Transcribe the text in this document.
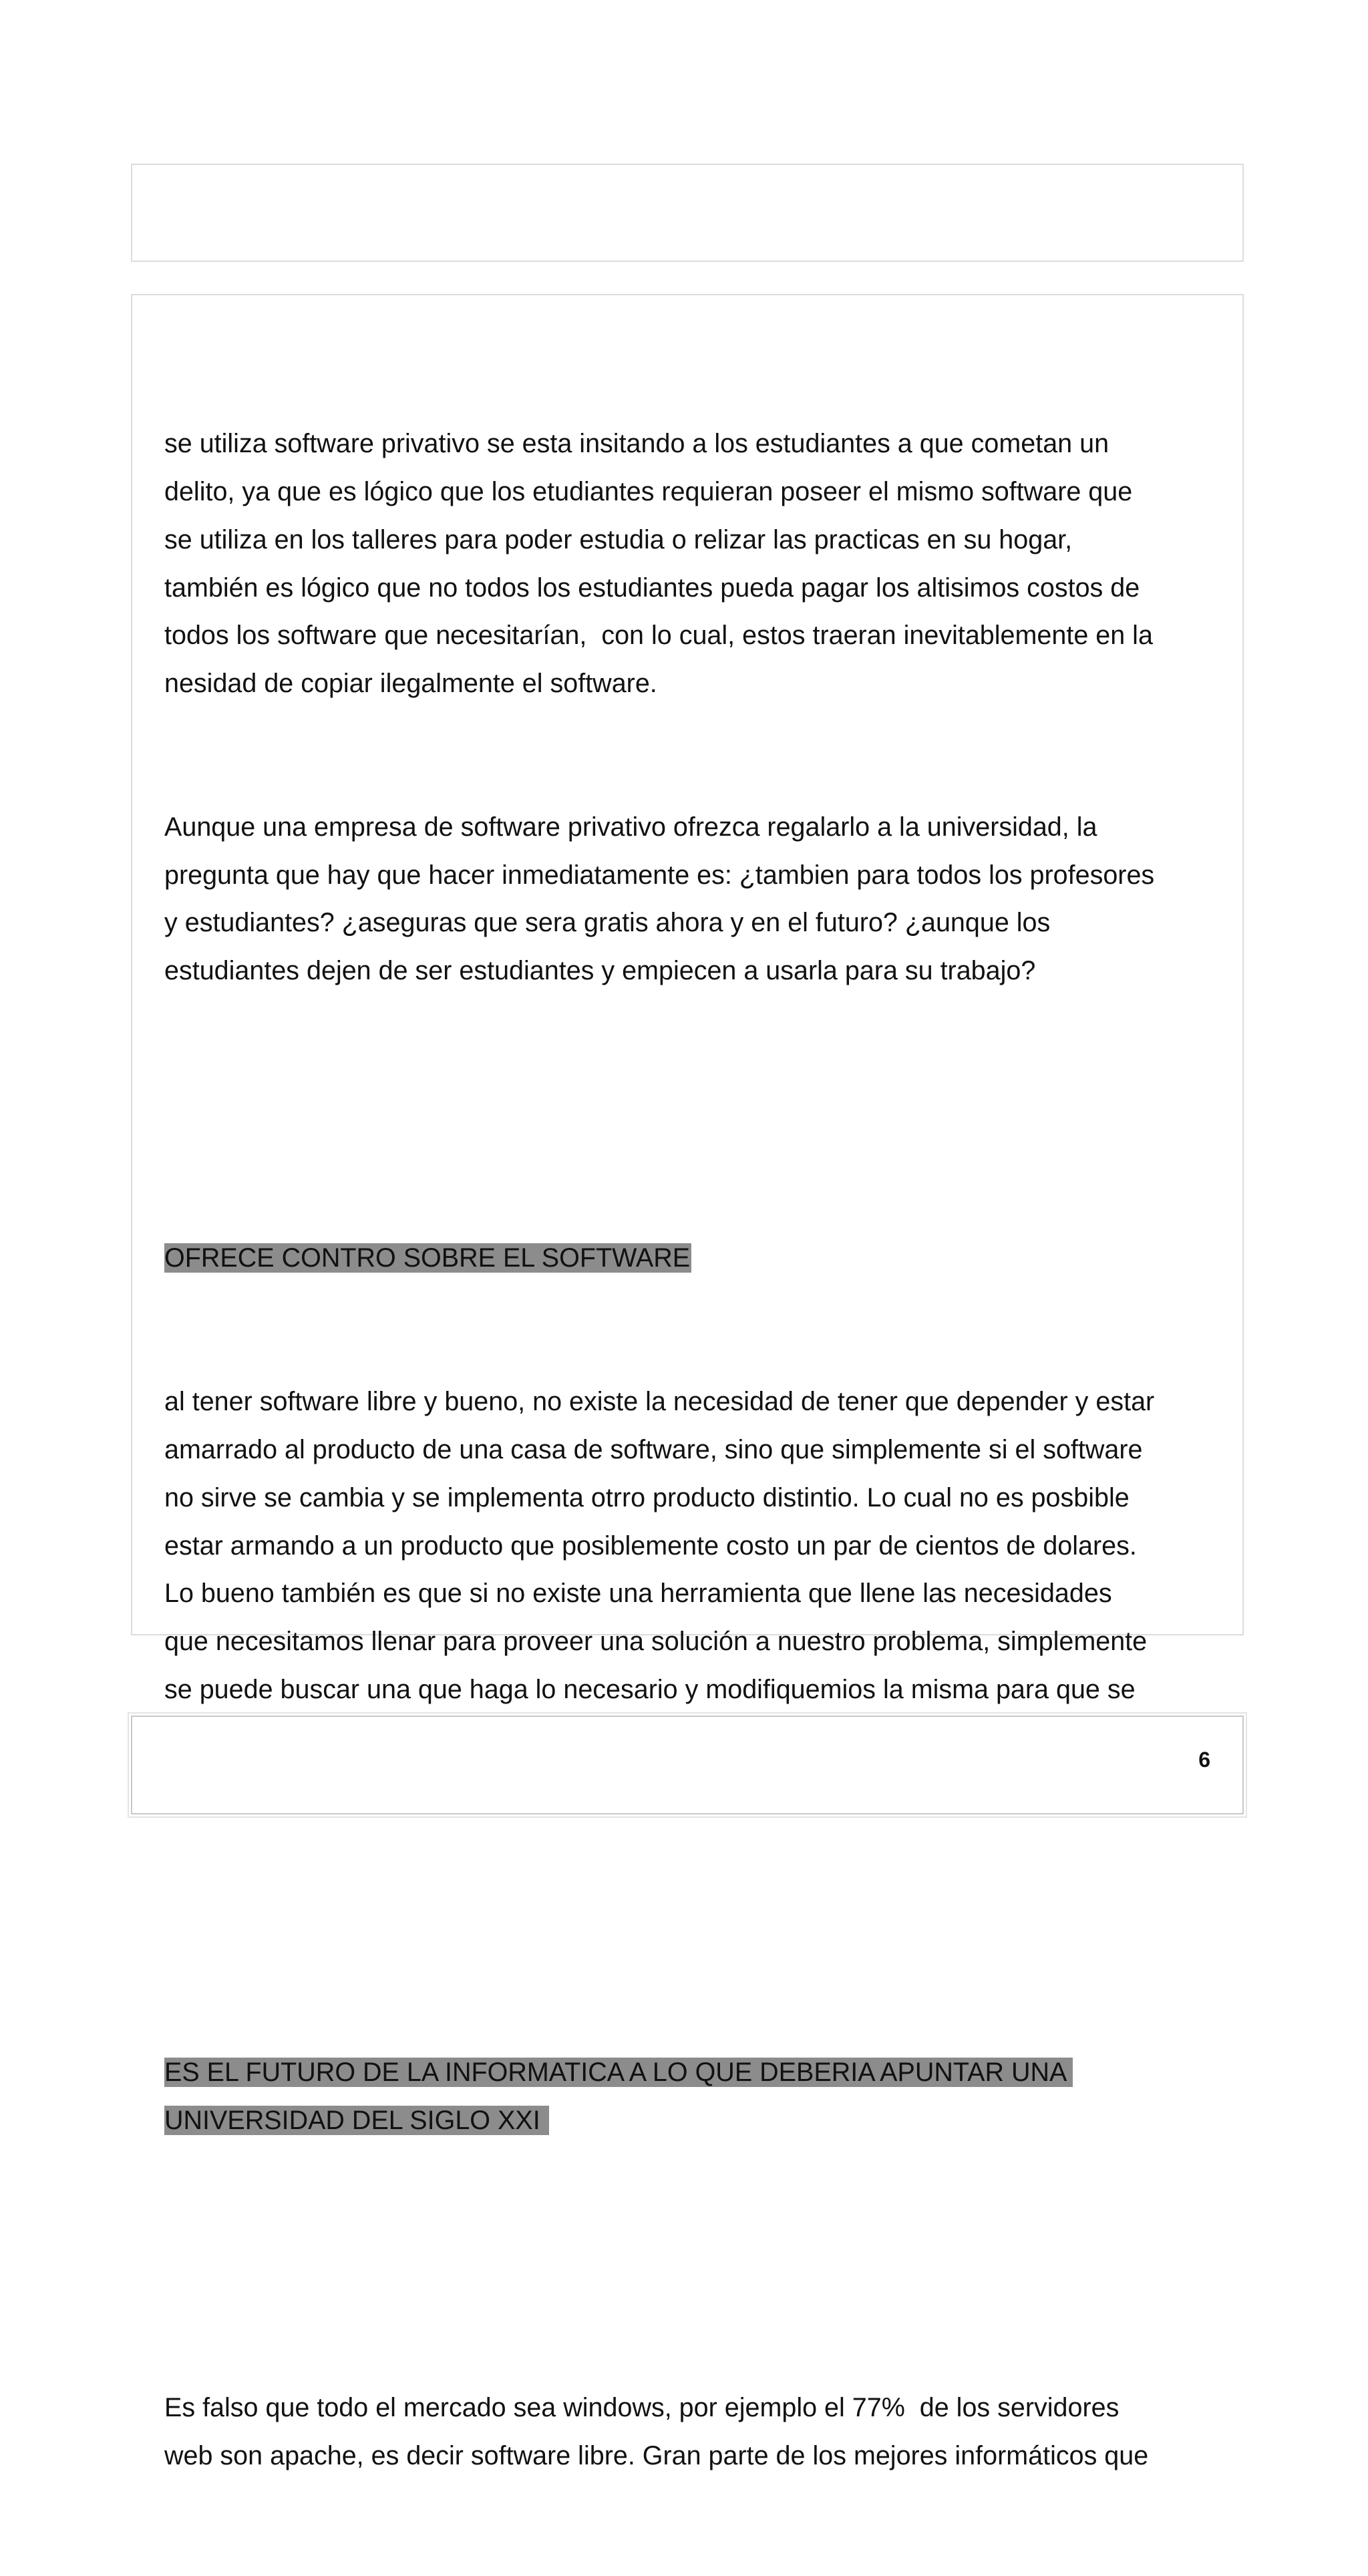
se utiliza software privativo se esta insitando a los estudiantes a que cometan un
delito, ya que es lógico que los etudiantes requieran poseer el mismo software que
se utiliza en los talleres para poder estudia o relizar las practicas en su hogar,
también es lógico que no todos los estudiantes pueda pagar los altisimos costos de
todos los software que necesitarían,  con lo cual, estos traeran inevitablemente en la
nesidad de copiar ilegalmente el software.

Aunque una empresa de software privativo ofrezca regalarlo a la universidad, la
pregunta que hay que hacer inmediatamente es: ¿tambien para todos los profesores
y estudiantes? ¿aseguras que sera gratis ahora y en el futuro? ¿aunque los
estudiantes dejen de ser estudiantes y empiecen a usarla para su trabajo?

OFRECE CONTRO SOBRE EL SOFTWARE

al tener software libre y bueno, no existe la necesidad de tener que depender y estar
amarrado al producto de una casa de software, sino que simplemente si el software
no sirve se cambia y se implementa otrro producto distintio. Lo cual no es posbible
estar armando a un producto que posiblemente costo un par de cientos de dolares.
Lo bueno también es que si no existe una herramienta que llene las necesidades
que necesitamos llenar para proveer una solución a nuestro problema, simplemente
se puede buscar una que haga lo necesario y modifiquemios la misma para que se

ES EL FUTURO DE LA INFORMATICA A LO QUE DEBERIA APUNTAR UNA
UNIVERSIDAD DEL SIGLO XXI

Es falso que todo el mercado sea windows, por ejemplo el 77%  de los servidores
web son apache, es decir software libre. Gran parte de los mejores informáticos que

6
